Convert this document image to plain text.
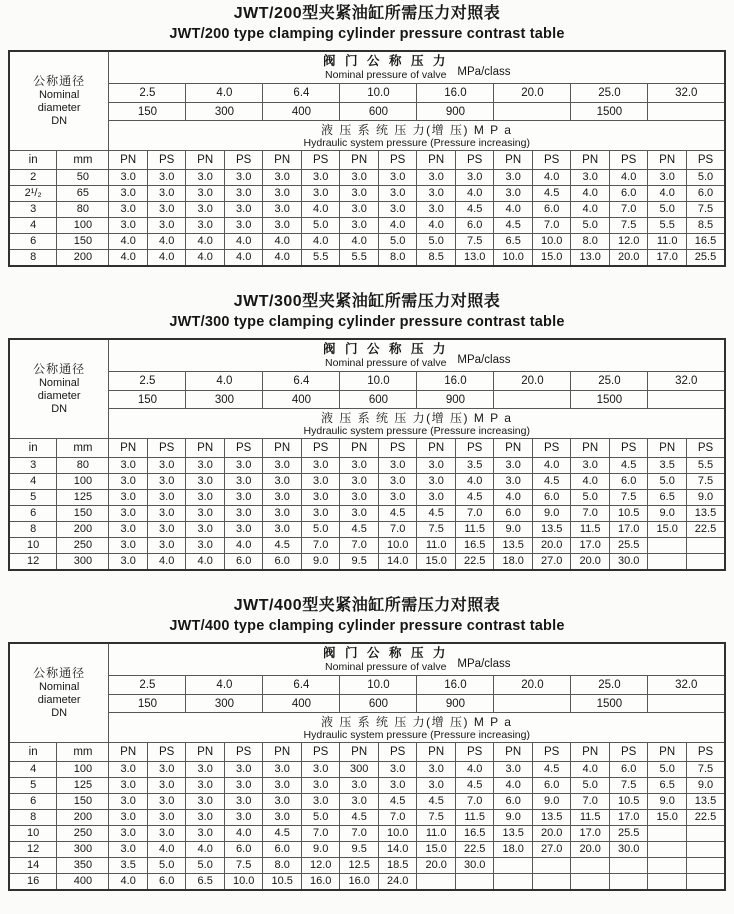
JWT/200型夹紧油缸所需压力对照表
JWT/200 type clamping cylinder pressure contrast table
公称通径
Nominal
diameter
DN

阀 门 公 称 压 力
Nominal pressure of valve MPa/class

		2.5		4.0		6.4		10.0		16.0		20.0		25.0		32.0	
		150		300		400		600		900				1500			

		液 压 系 统 压 力(增 压) M P a
Hydraulic system pressure (Pressure increasing)															

in	mm	PN	PS	PN	PS	PN	PS	PN	PS	PN	PS	PN	PS	PN	PS	PN	PS
2	50	3.0	3.0	3.0	3.0	3.0	3.0	3.0	3.0	3.0	3.0	3.0	4.0	3.0	4.0	3.0	5.0
2¹/₂	65	3.0	3.0	3.0	3.0	3.0	3.0	3.0	3.0	3.0	4.0	3.0	4.5	4.0	6.0	4.0	6.0
3	80	3.0	3.0	3.0	3.0	3.0	4.0	3.0	3.0	3.0	4.5	4.0	6.0	4.0	7.0	5.0	7.5
4	100	3.0	3.0	3.0	3.0	3.0	5.0	3.0	4.0	4.0	6.0	4.5	7.0	5.0	7.5	5.5	8.5
6	150	4.0	4.0	4.0	4.0	4.0	4.0	4.0	5.0	5.0	7.5	6.5	10.0	8.0	12.0	11.0	16.5
8	200	4.0	4.0	4.0	4.0	4.0	5.5	5.5	8.0	8.5	13.0	10.0	15.0	13.0	20.0	17.0	25.5
JWT/300型夹紧油缸所需压力对照表
JWT/300 type clamping cylinder pressure contrast table
公称通径
Nominal
diameter
DN

阀 门 公 称 压 力
Nominal pressure of valve MPa/class

		2.5		4.0		6.4		10.0		16.0		20.0		25.0		32.0	
		150		300		400		600		900				1500			

		液 压 系 统 压 力(增 压) M P a
Hydraulic system pressure (Pressure increasing)															

in	mm	PN	PS	PN	PS	PN	PS	PN	PS	PN	PS	PN	PS	PN	PS	PN	PS
3	80	3.0	3.0	3.0	3.0	3.0	3.0	3.0	3.0	3.0	3.5	3.0	4.0	3.0	4.5	3.5	5.5
4	100	3.0	3.0	3.0	3.0	3.0	3.0	3.0	3.0	3.0	4.0	3.0	4.5	4.0	6.0	5.0	7.5
5	125	3.0	3.0	3.0	3.0	3.0	3.0	3.0	3.0	3.0	4.5	4.0	6.0	5.0	7.5	6.5	9.0
6	150	3.0	3.0	3.0	3.0	3.0	3.0	3.0	4.5	4.5	7.0	6.0	9.0	7.0	10.5	9.0	13.5
8	200	3.0	3.0	3.0	3.0	3.0	5.0	4.5	7.0	7.5	11.5	9.0	13.5	11.5	17.0	15.0	22.5
10	250	3.0	3.0	3.0	4.0	4.5	7.0	7.0	10.0	11.0	16.5	13.5	20.0	17.0	25.5		
12	300	3.0	4.0	4.0	6.0	6.0	9.0	9.5	14.0	15.0	22.5	18.0	27.0	20.0	30.0		
JWT/400型夹紧油缸所需压力对照表
JWT/400 type clamping cylinder pressure contrast table
公称通径
Nominal
diameter
DN

阀 门 公 称 压 力
Nominal pressure of valve MPa/class

		2.5		4.0		6.4		10.0		16.0		20.0		25.0		32.0	
		150		300		400		600		900				1500			

		液 压 系 统 压 力(增 压) M P a
Hydraulic system pressure (Pressure increasing)															

in	mm	PN	PS	PN	PS	PN	PS	PN	PS	PN	PS	PN	PS	PN	PS	PN	PS
4	100	3.0	3.0	3.0	3.0	3.0	3.0	300	3.0	3.0	4.0	3.0	4.5	4.0	6.0	5.0	7.5
5	125	3.0	3.0	3.0	3.0	3.0	3.0	3.0	3.0	3.0	4.5	4.0	6.0	5.0	7.5	6.5	9.0
6	150	3.0	3.0	3.0	3.0	3.0	3.0	3.0	4.5	4.5	7.0	6.0	9.0	7.0	10.5	9.0	13.5
8	200	3.0	3.0	3.0	3.0	3.0	5.0	4.5	7.0	7.5	11.5	9.0	13.5	11.5	17.0	15.0	22.5
10	250	3.0	3.0	3.0	4.0	4.5	7.0	7.0	10.0	11.0	16.5	13.5	20.0	17.0	25.5		
12	300	3.0	4.0	4.0	6.0	6.0	9.0	9.5	14.0	15.0	22.5	18.0	27.0	20.0	30.0		
14	350	3.5	5.0	5.0	7.5	8.0	12.0	12.5	18.5	20.0	30.0						
16	400	4.0	6.0	6.5	10.0	10.5	16.0	16.0	24.0								
